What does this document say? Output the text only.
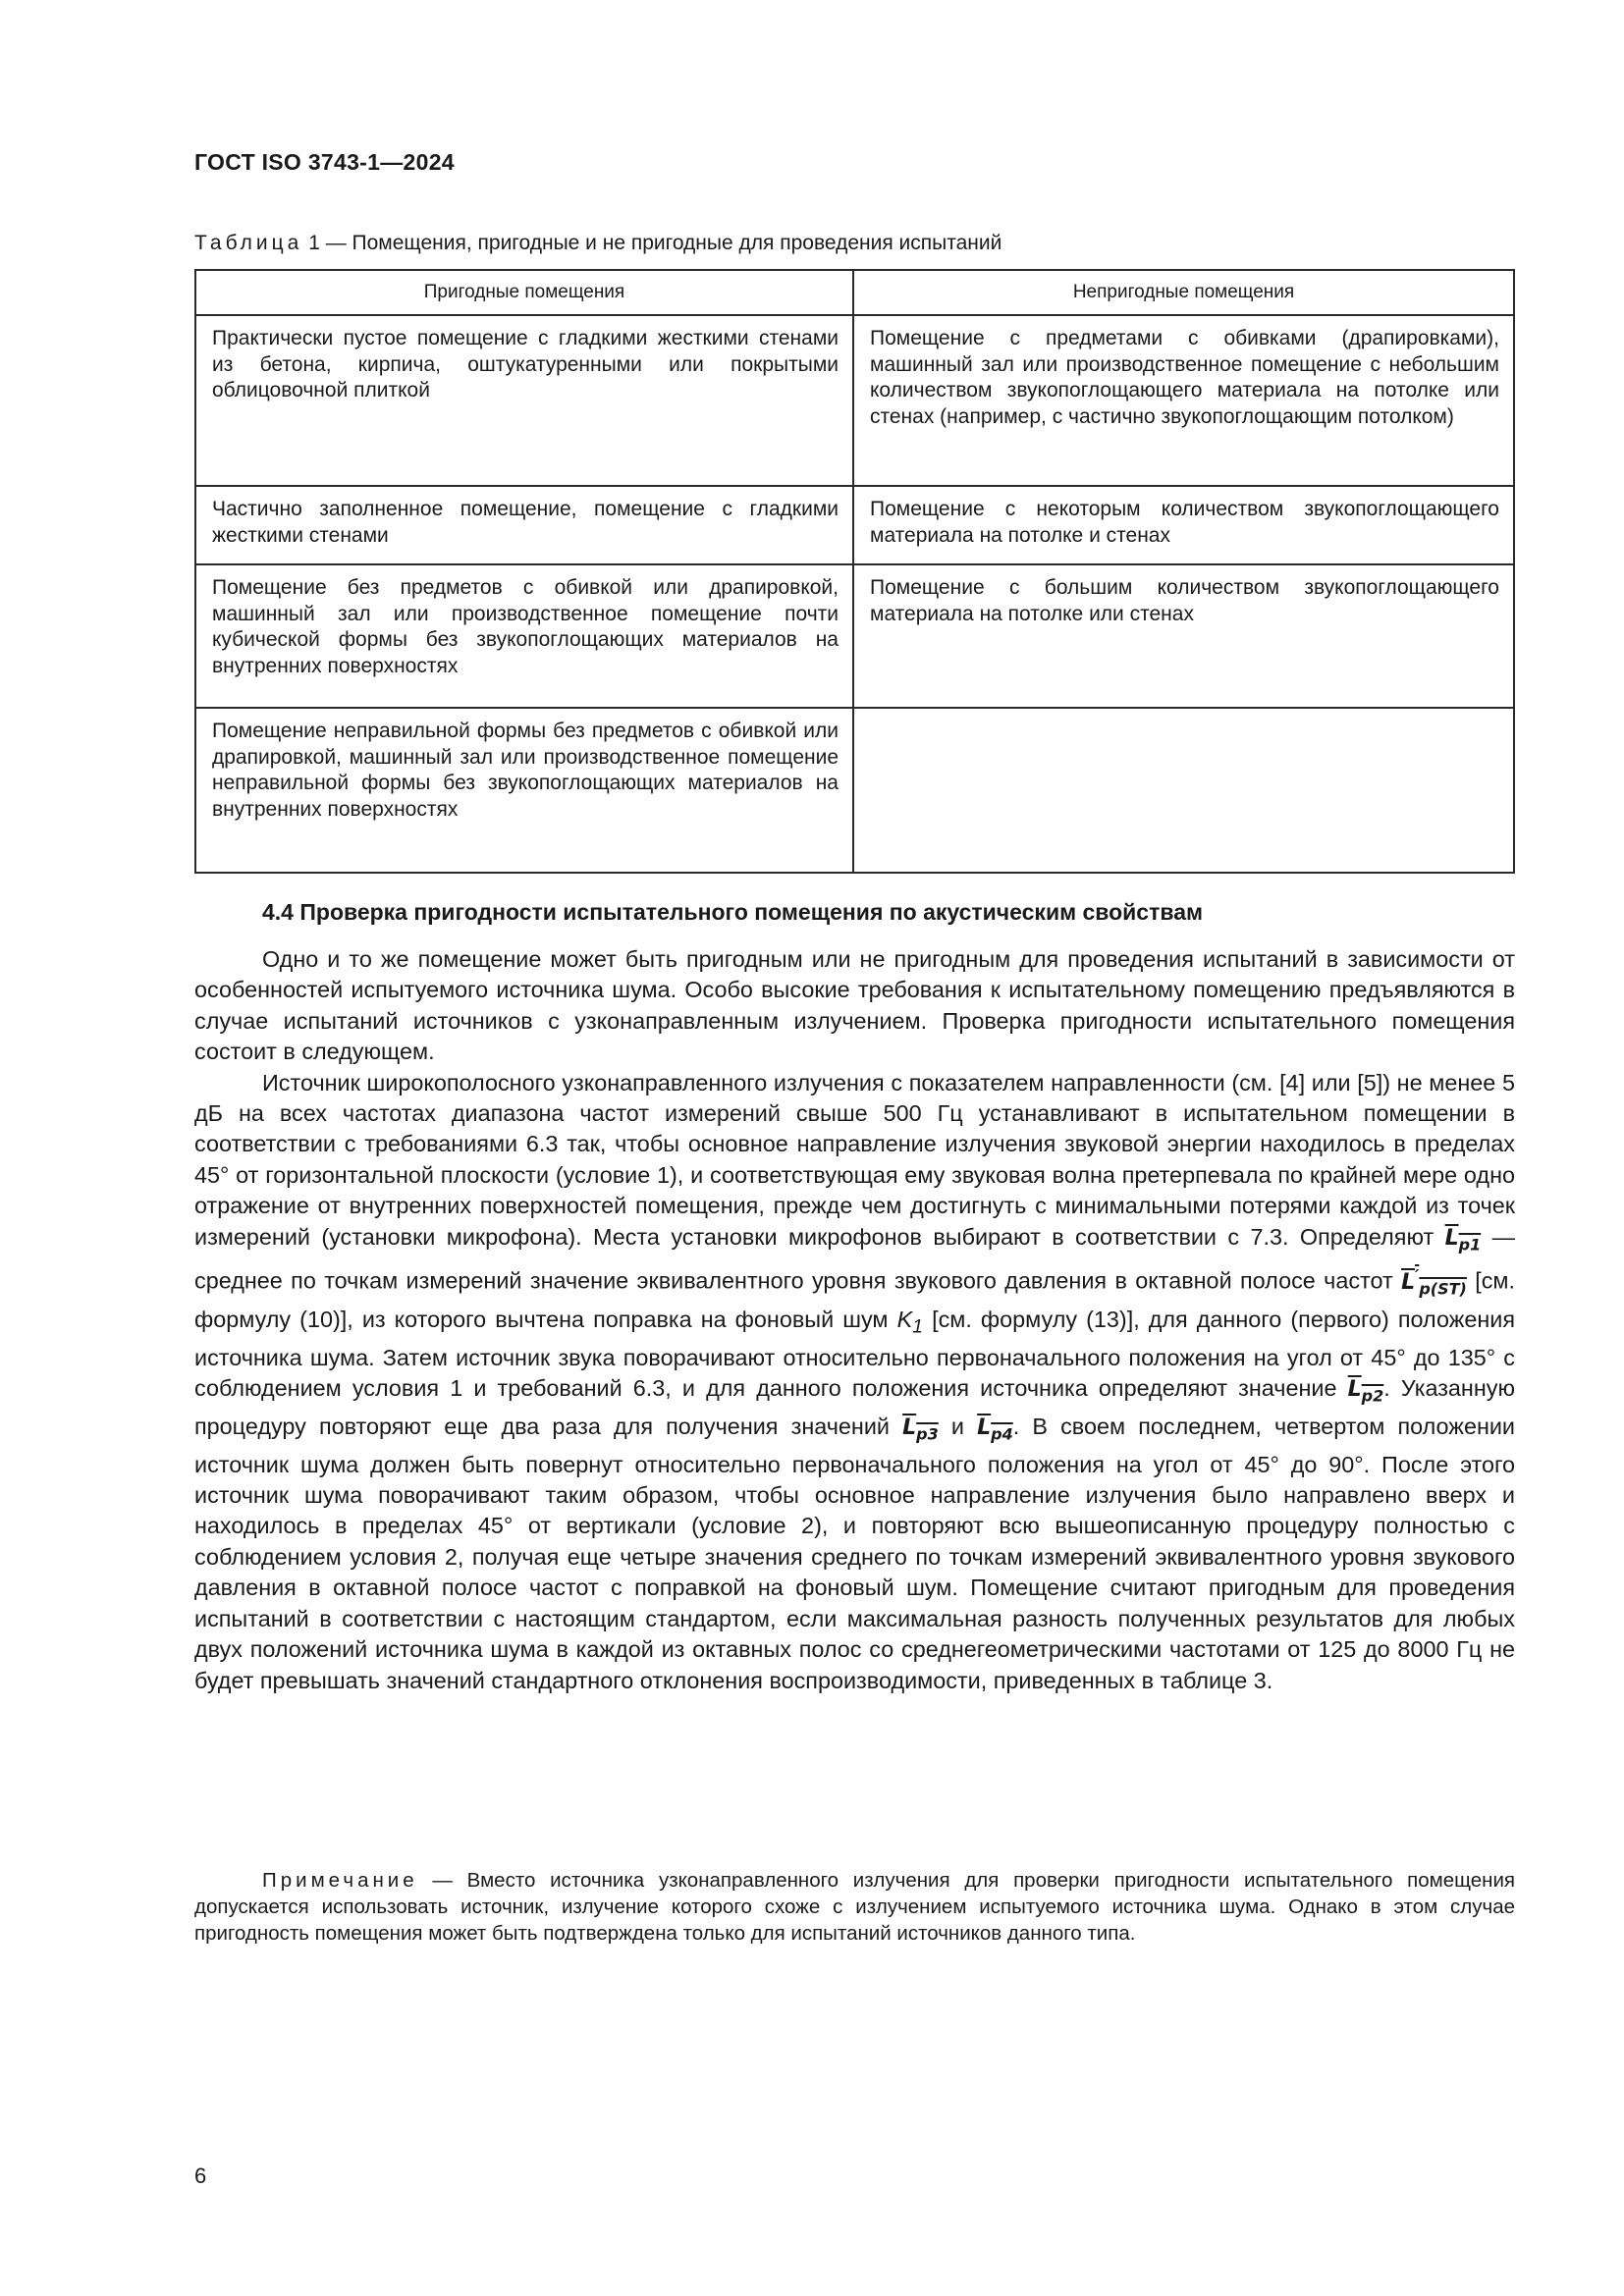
ГОСТ ISO 3743-1—2024
Таблица 1 — Помещения, пригодные и не пригодные для проведения испытаний
Пригодные помещения	Непригодные помещения
Практически пустое помещение с гладкими жесткими стенами из бетона, кирпича, оштукатуренными или покрытыми облицовочной плиткой	Помещение с предметами с обивками (драпировками), машинный зал или производственное помещение с небольшим количеством звукопоглощающего материала на потолке или стенах (например, с частично звукопоглощающим потолком)
Частично заполненное помещение, помещение с гладкими жесткими стенами	Помещение с некоторым количеством звукопоглощающего материала на потолке и стенах
Помещение без предметов с обивкой или драпировкой, машинный зал или производственное помещение почти кубической формы без звукопоглощающих материалов на внутренних поверхностях	Помещение с большим количеством звукопоглощающего материала на потолке или стенах
Помещение неправильной формы без предметов с обивкой или драпировкой, машинный зал или производственное помещение неправильной формы без звукопоглощающих материалов на внутренних поверхностях	
4.4 Проверка пригодности испытательного помещения по акустическим свойствам

Одно и то же помещение может быть пригодным или не пригодным для проведения испытаний в зависимости от особенностей испытуемого источника шума. Особо высокие требования к испытательному помещению предъявляются в случае испытаний источников с узконаправленным излучением. Проверка пригодности испытательного помещения состоит в следующем.

Источник широкополосного узконаправленного излучения с показателем направленности (см. [4] или [5]) не менее 5 дБ на всех частотах диапазона частот измерений свыше 500 Гц устанавливают в испытательном помещении в соответствии с требованиями 6.3 так, чтобы основное направление излучения звуковой энергии находилось в пределах 45° от горизонтальной плоскости (условие 1), и соответствующая ему звуковая волна претерпевала по крайней мере одно отражение от внутренних поверхностей помещения, прежде чем достигнуть с минимальными потерями каждой из точек измерений (установки микрофона). Места установки микрофонов выбирают в соответствии с 7.3. Определяют $L_{p1}$ — среднее по точкам измерений значение эквивалентного уровня звукового давления в октавной полосе частот $L'_{p(ST)}$ [см. формулу (10)], из которого вычтена поправка на фоновый шум $K_1$ [см. формулу (13)], для данного (первого) положения источника шума. Затем источник звука поворачивают относительно первоначального положения на угол от 45° до 135° с соблюдением условия 1 и требований 6.3, и для данного положения источника определяют значение $L_{p2}$. Указанную процедуру повторяют еще два раза для получения значений $L_{p3}$ и $L_{p4}$. В своем последнем, четвертом положении источник шума должен быть повернут относительно первоначального положения на угол от 45° до 90°. После этого источник шума поворачивают таким образом, чтобы основное направление излучения было направлено вверх и находилось в пределах 45° от вертикали (условие 2), и повторяют всю вышеописанную процедуру полностью с соблюдением условия 2, получая еще четыре значения среднего по точкам измерений эквивалентного уровня звукового давления в октавной полосе частот с поправкой на фоновый шум. Помещение считают пригодным для проведения испытаний в соответствии с настоящим стандартом, если максимальная разность полученных результатов для любых двух положений источника шума в каждой из октавных полос со среднегеометрическими частотами от 125 до 8000 Гц не будет превышать значений стандартного отклонения воспроизводимости, приведенных в таблице 3.

Примечание — Вместо источника узконаправленного излучения для проверки пригодности испытательного помещения допускается использовать источник, излучение которого схоже с излучением испытуемого источника шума. Однако в этом случае пригодность помещения может быть подтверждена только для испытаний источников данного типа.
6
